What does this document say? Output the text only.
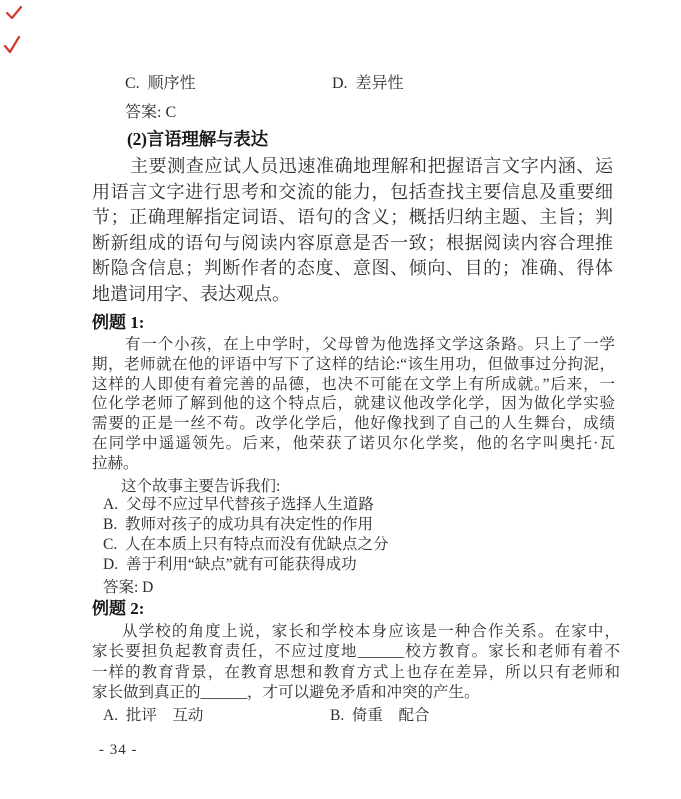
C.  顺序性	D.  差异性
答案: C
(2)言语理解与表达
主要测查应试人员迅速准确地理解和把握语言文字内涵、运
用语言文字进行思考和交流的能力，包括查找主要信息及重要细
节；正确理解指定词语、语句的含义；概括归纳主题、主旨；判
断新组成的语句与阅读内容原意是否一致；根据阅读内容合理推
断隐含信息；判断作者的态度、意图、倾向、目的；准确、得体
地遣词用字、表达观点。
例题 1:
有一个小孩，在上中学时，父母曾为他选择文学这条路。只上了一学
期，老师就在他的评语中写下了这样的结论:“该生用功，但做事过分拘泥，
这样的人即使有着完善的品德，也决不可能在文学上有所成就。”后来，一
位化学老师了解到他的这个特点后，就建议他改学化学，因为做化学实验
需要的正是一丝不苟。改学化学后，他好像找到了自己的人生舞台，成绩
在同学中遥遥领先。后来，他荣获了诺贝尔化学奖，他的名字叫奥托·瓦
拉赫。
这个故事主要告诉我们:
A.  父母不应过早代替孩子选择人生道路
B.  教师对孩子的成功具有决定性的作用
C.  人在本质上只有特点而没有优缺点之分
D.  善于利用“缺点”就有可能获得成功
答案: D
例题 2:
从学校的角度上说，家长和学校本身应该是一种合作关系。在家中，
家长要担负起教育责任，不应过度地______校方教育。家长和老师有着不
一样的教育背景，在教育思想和教育方式上也存在差异，所以只有老师和
家长做到真正的______，才可以避免矛盾和冲突的产生。
A.  批评    互动	B.  倚重    配合
- 34 -
